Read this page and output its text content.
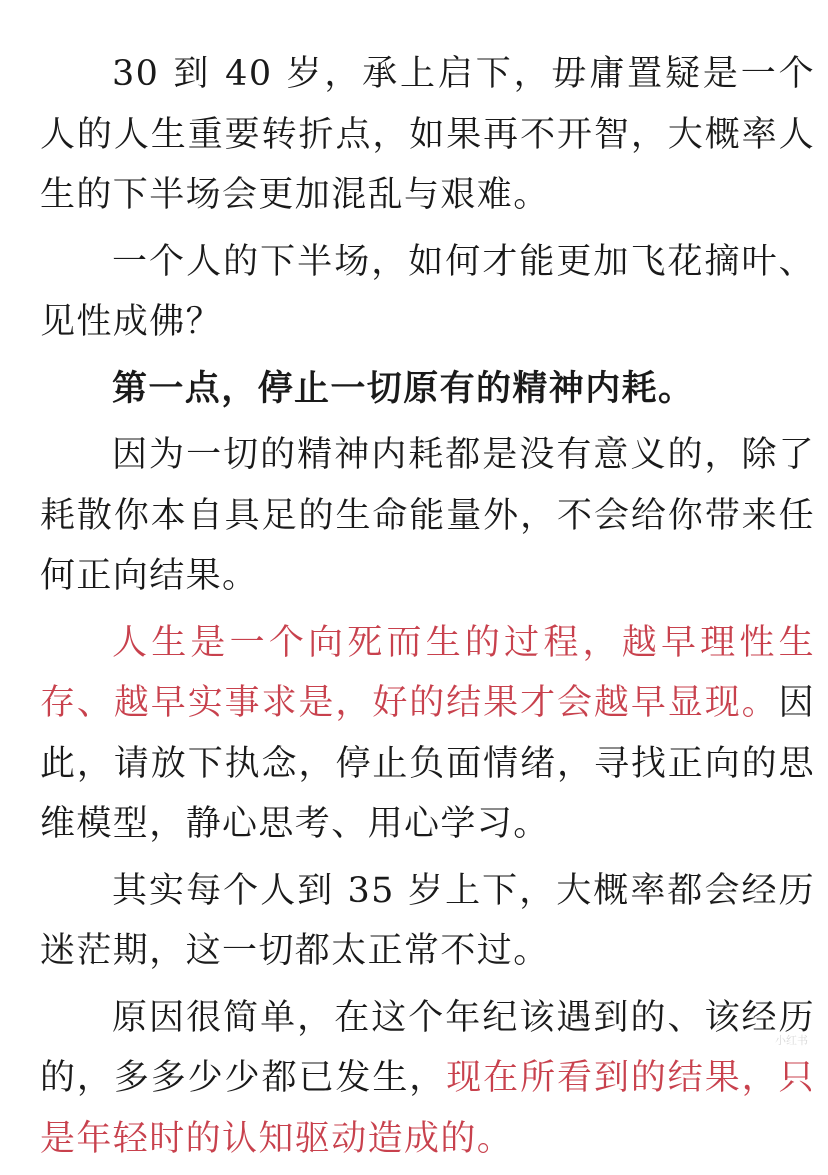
30 到 40 岁，承上启下，毋庸置疑是一个人的人生重要转折点，如果再不开智，大概率人生的下半场会更加混乱与艰难。

一个人的下半场，如何才能更加飞花摘叶、见性成佛？

第一点，停止一切原有的精神内耗。

因为一切的精神内耗都是没有意义的，除了耗散你本自具足的生命能量外，不会给你带来任何正向结果。

人生是一个向死而生的过程，越早理性生存、越早实事求是，好的结果才会越早显现。因此，请放下执念，停止负面情绪，寻找正向的思维模型，静心思考、用心学习。

其实每个人到 35 岁上下，大概率都会经历迷茫期，这一切都太正常不过。

原因很简单，在这个年纪该遇到的、该经历的，多多少少都已发生，现在所看到的结果，只是年轻时的认知驱动造成的。

小红书
